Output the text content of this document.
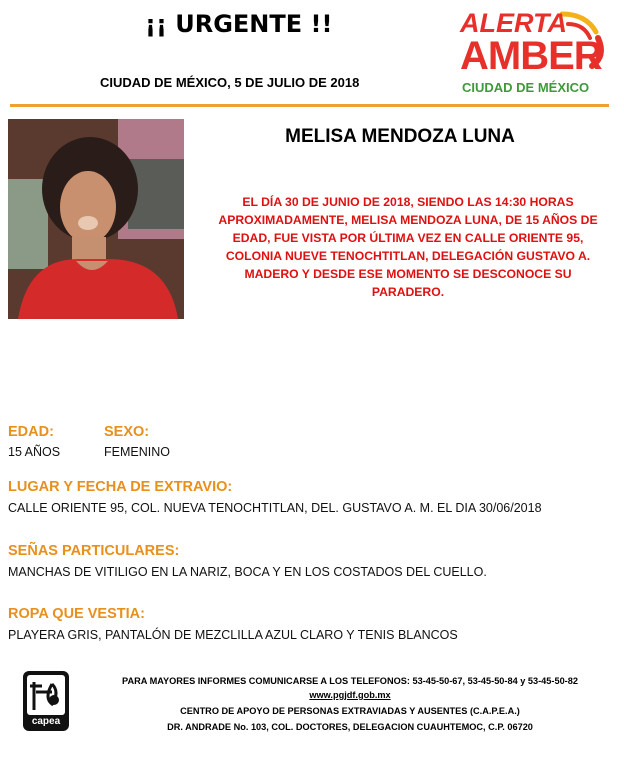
¡¡ URGENTE !!
CIUDAD DE MÉXICO, 5 DE JULIO DE 2018
ALERTA
AMBER
CIUDAD DE MÉXICO
MELISA MENDOZA LUNA
EL DÍA 30 DE JUNIO DE 2018, SIENDO LAS 14:30 HORAS APROXIMADAMENTE, MELISA MENDOZA LUNA, DE 15 AÑOS DE EDAD, FUE VISTA POR ÚLTIMA VEZ EN CALLE ORIENTE 95, COLONIA NUEVE TENOCHTITLAN, DELEGACIÓN GUSTAVO A. MADERO Y DESDE ESE MOMENTO SE DESCONOCE SU PARADERO.
EDAD:
15 AÑOS
SEXO:
FEMENINO
LUGAR Y FECHA DE EXTRAVIO:
CALLE ORIENTE 95, COL. NUEVA TENOCHTITLAN, DEL. GUSTAVO A. M. EL DIA 30/06/2018
SEÑAS PARTICULARES:
MANCHAS DE VITILIGO EN LA NARIZ, BOCA Y EN LOS COSTADOS DEL CUELLO.
ROPA QUE VESTIA:
PLAYERA GRIS, PANTALÓN DE MEZCLILLA AZUL CLARO Y TENIS BLANCOS
capea
PARA MAYORES INFORMES COMUNICARSE A LOS TELEFONOS: 53-45-50-67, 53-45-50-84 y 53-45-50-82
www.pgjdf.gob.mx
CENTRO DE APOYO DE PERSONAS EXTRAVIADAS Y AUSENTES (C.A.P.E.A.)
DR. ANDRADE No. 103, COL. DOCTORES, DELEGACION CUAUHTEMOC, C.P. 06720
